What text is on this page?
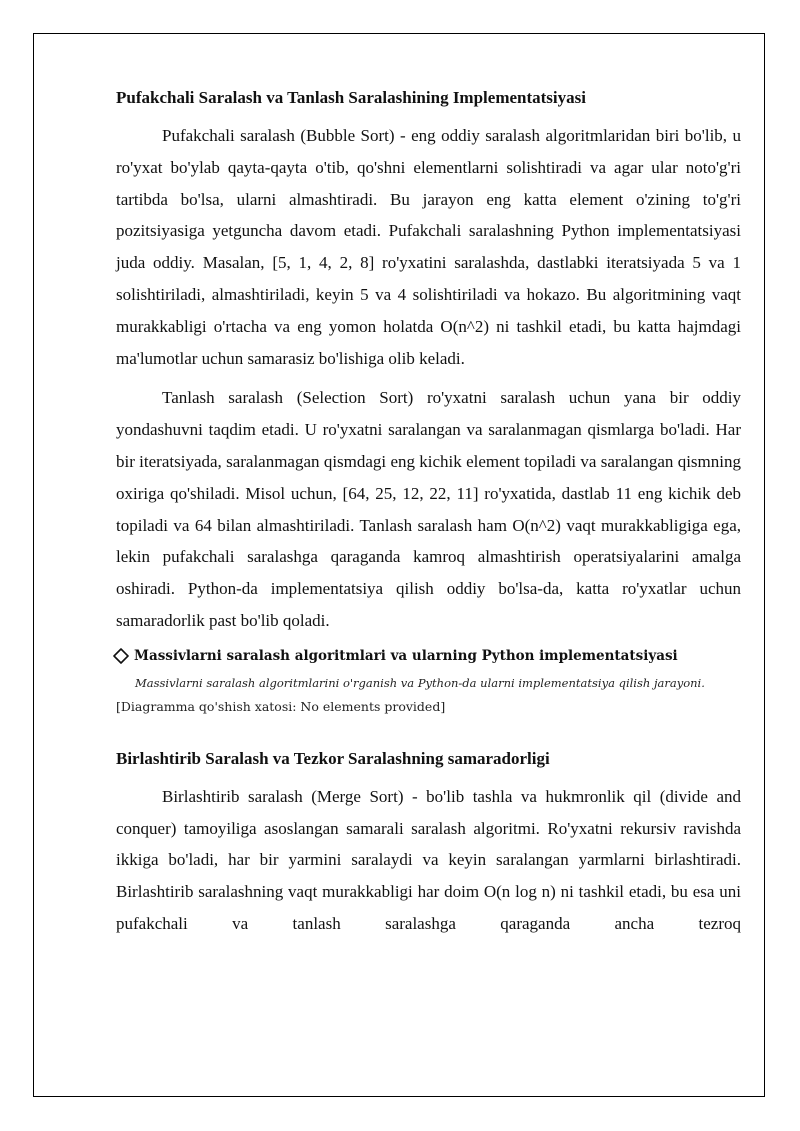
Pufakchali Saralash va Tanlash Saralashining Implementatsiyasi

Pufakchali saralash (Bubble Sort) - eng oddiy saralash algoritmlaridan biri bo'lib, u ro'yxat bo'ylab qayta-qayta o'tib, qo'shni elementlarni solishtiradi va agar ular noto'g'ri tartibda bo'lsa, ularni almashtiradi. Bu jarayon eng katta element o'zining to'g'ri pozitsiyasiga yetguncha davom etadi. Pufakchali saralashning Python implementatsiyasi juda oddiy. Masalan, [5, 1, 4, 2, 8] ro'yxatini saralashda, dastlabki iteratsiyada 5 va 1 solishtiriladi, almashtiriladi, keyin 5 va 4 solishtiriladi va hokazo. Bu algoritmining vaqt murakkabligi o'rtacha va eng yomon holatda O(n^2) ni tashkil etadi, bu katta hajmdagi ma'lumotlar uchun samarasiz bo'lishiga olib keladi.

Tanlash saralash (Selection Sort) ro'yxatni saralash uchun yana bir oddiy yondashuvni taqdim etadi. U ro'yxatni saralangan va saralanmagan qismlarga bo'ladi. Har bir iteratsiyada, saralanmagan qismdagi eng kichik element topiladi va saralangan qismning oxiriga qo'shiladi. Misol uchun, [64, 25, 12, 22, 11] ro'yxatida, dastlab 11 eng kichik deb topiladi va 64 bilan almashtiriladi. Tanlash saralash ham O(n^2) vaqt murakkabligiga ega, lekin pufakchali saralashga qaraganda kamroq almashtirish operatsiyalarini amalga oshiradi. Python-da implementatsiya qilish oddiy bo'lsa-da, katta ro'yxatlar uchun samaradorlik past bo'lib qoladi.

Massivlarni saralash algoritmlari va ularning Python implementatsiyasi
Massivlarni saralash algoritmlarini o'rganish va Python-da ularni implementatsiya qilish jarayoni.
[Diagramma qo'shish xatosi: No elements provided]
Birlashtirib Saralash va Tezkor Saralashning samaradorligi

Birlashtirib saralash (Merge Sort) - bo'lib tashla va hukmronlik qil (divide and conquer) tamoyiliga asoslangan samarali saralash algoritmi. Ro'yxatni rekursiv ravishda ikkiga bo'ladi, har bir yarmini saralaydi va keyin saralangan yarmlarni birlashtiradi. Birlashtirib saralashning vaqt murakkabligi har doim O(n log n) ni tashkil etadi, bu esa uni pufakchali va tanlash saralashga qaraganda ancha tezroq
